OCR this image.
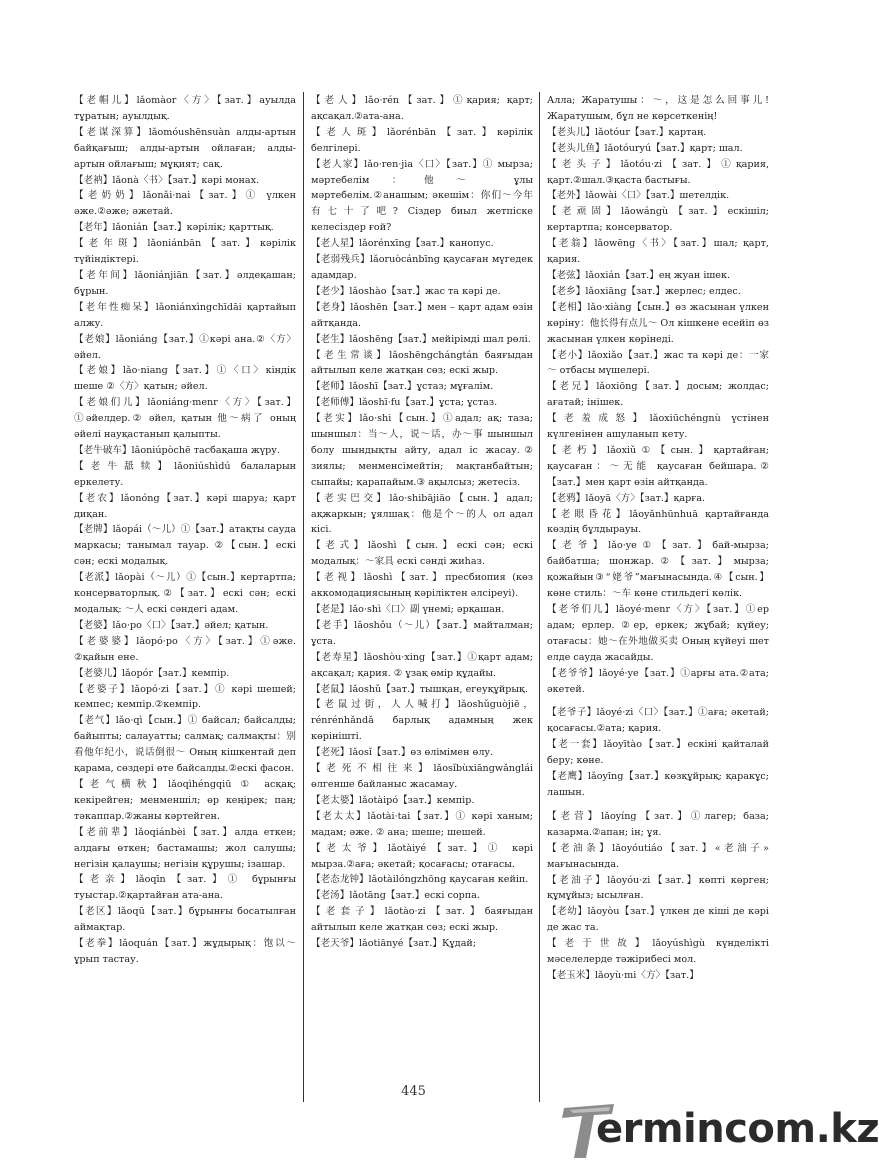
【老帽儿】lǎomàor〈方〉【зат.】ауылда тұратын; ауылдық.

【老谋深算】lǎomóushēnsuàn алды-артын байқағыш; алды-артын ойлаған; алды-артын ойлағыш; мұқият; сақ.

【老衲】lǎonà〈书〉【зат.】кәрі монах.

【老奶奶】lǎonǎi·nai【зат.】① үлкен әже.②әже; әжетай.

【老年】lǎonián【зат.】кәрілік; қарттық.

【老年斑】lǎoniánbān【зат.】кәрілік түйіндіктері.

【老年间】lǎoniánjiān【зат.】әлдеқашан; бұрын.

【老年性痴呆】lǎoniánxìngchīdāi қартайып алжу.

【老娘】lǎoniáng【зат.】①кәрі ана.②〈方〉әйел.

【老娘】lǎo·niang【зат.】①〈口〉кіндік шеше ②〈方〉қатын; әйел.

【老娘们儿】lǎoniáng·menr〈方〉【зат.】①әйелдер.② әйел, қатын 他～病了 оның әйелі науқастанып қалыпты.

【老牛破车】lǎoniúpòchē тасбақаша жүру.

【老牛舐犊】lǎoniúshìdú балаларын еркелету.

【老农】lǎonóng【зат.】кәрі шаруа; қарт диқан.

【老牌】lǎopái（～儿）①【зат.】атақты сауда маркасы; танымал тауар. ②【сын.】ескі сән; ескі модалық.

【老派】lǎopài（～儿）①【сын.】кертартпа; консерваторлық.②【зат.】ескі сән; ескі модалық: ～人 ескі сәндегі адам.

【老婆】lǎo·po〈口〉【зат.】әйел; қатын.

【老婆婆】lǎopó·po〈方〉【зат.】①әже. ②қайын ене.

【老婆儿】lǎopór【зат.】кемпір.

【老婆子】lǎopó·zi【зат.】① кәрі шешей; кемпес; кемпір.②кемпір.

【老气】lǎo·qì【сын.】① байсал; байсалды; байыпты; салауатты; салмақ; салмақты：别看他年纪小，说话倒很～ Оның кішкентай деп қарама, сөздері өте байсалды.②ескі фасон.

【老气横秋】lǎoqìhéngqiū ① асқақ; кекірейген; менменшіл; өр кеңірек; паң; тәкаппар.②жаны кәртейген.

【老前辈】lǎoqiánbèi【зат.】алда еткен; алдағы өткен; бастамашы; жол салушы; негізін қалаушы; негізін құрушы; ізашар.

【老亲】lǎoqīn【зат.】① бұрынғы туыстар.②қартайған ата-ана.

【老区】lǎoqū【зат.】бұрынғы босатылған аймақтар.

【老拳】lǎoquán【зат.】жұдырық：饱以～ ұрып тастау.

【老人】lǎo·rén【зат.】①қария; қарт; ақсақал.②ата-ана.

【老人斑】lǎorénbān【зат.】кәрілік белгілері.

【老人家】lǎo·ren·jia〈口〉【зат.】① мырза; мәртебелім：他～ ұлы мәртебелім.②анашым; әкешім：你们～今年有七十了吧? Сіздер биыл жетпіске келесіздер ғой?

【老人星】lǎorénxīng【зат.】канопус.

【老弱残兵】lǎoruòcánbīng қаусаған мүгедек адамдар.

【老少】lǎoshào【зат.】жас та кәрі де.

【老身】lǎoshēn【зат.】мен – қарт адам өзін айтқанда.

【老生】lǎoshēng【зат.】мейірімді шал рөлі.

【老生常谈】lǎoshēngchángtán баяғыдан айтылып келе жатқан сөз; ескі жыр.

【老师】lǎoshī【зат.】ұстаз; мұғалім.

【老师傅】lǎoshī·fu【зат.】ұста; ұстаз.

【老实】lǎo·shi【сын.】①адал; ақ; таза; шыншыл：当～人，说～话，办～事 шыншыл болу шындықты айту, адал іс жасау.② зиялы; менменсімейтін; мақтанбайтын; сыпайы; қарапайым.③ ақылсыз; жетесіз.

【老实巴交】lǎo·shibājiāo【сын.】адал; ақжаркын; ұялшақ：他是个～的人 ол адал кісі.

【老式】lǎoshì【сын.】ескі сән; ескі модалық：～家具 ескі сәнді жиһаз.

【老视】lǎoshì【зат.】пресбиопия (көз аккомодациясының кәріліктен әлсіреуі).

【老是】lǎo·shì〈口〉副 үнемі; әрқашан.

【老手】lǎoshǒu（～儿）【зат.】майталман; ұста.

【老寿星】lǎoshòu·xing【зат.】①қарт адам; ақсақал; қария. ② ұзақ өмір құдайы.

【老鼠】lǎoshǔ【зат.】тышқан, егеуқұйрық.

【老鼠过街，人人喊打】lǎoshǔguòjiē，rénrénhǎndǎ барлық адамның жек көрінішті.

【老死】lǎosǐ【зат.】өз өлімімен өлу.

【老死不相往来】lǎosǐbùxiāngwǎnglái өлгенше байланыс жасамау.

【老太婆】lǎotàipó【зат.】кемпір.

【老太太】lǎotài·tai【зат.】① кәрі ханым; мадам; әже. ② ана; шеше; шешей.

【老太爷】lǎotàiyé【зат.】① кәрі мырза.②аға; әкетай; қосағасы; отағасы.

【老态龙钟】lǎotàilóngzhōng қаусаған кейіп.

【老汤】lǎotāng【зат.】ескі сорпа.

【老套子】lǎotào·zi【зат.】баяғыдан айтылып келе жатқан сөз; ескі жыр.

【老天爷】lǎotiānyé【зат.】Құдай;

Алла; Жаратушы：～，这是怎么回事儿! Жаратушым, бұл не көрсеткенің!

【老头儿】lǎotóur【зат.】қартаң.

【老头儿鱼】lǎotóuryú【зат.】қарт; шал.

【老头子】lǎotóu·zi【зат.】①қария, қарт.②шал.③қаста бастығы.

【老外】lǎowài〈口〉【зат.】шетелдік.

【老顽固】lǎowángù【зат.】ескішіл; кертартпа; консерватор.

【老翁】lǎowēng〈书〉【зат.】шал; қарт, қария.

【老弦】lǎoxián【зат.】ең жуан ішек.

【老乡】lǎoxiāng【зат.】жерлес; елдес.

【老相】lǎo·xiàng【сын.】өз жасынан үлкен көріну：他长得有点儿～ Ол кішкене есейіп өз жасынан үлкен көрінеді.

【老小】lǎoxiǎo【зат.】жас та кәрі де：一家～ отбасы мүшелері.

【老兄】lǎoxiōng【зат.】досым; жолдас; ағатай; інішек.

【老羞成怒】lǎoxiūchéngnù үстінен күлгенінен ашуланып кету.

【老朽】lǎoxiǔ①【сын.】қартайған; қаусаған：～无能 қаусаған бейшара.②【зат.】мен қарт өзін айтқанда.

【老鸦】lǎoyā〈方〉【зат.】қарға.

【老眼昏花】lǎoyǎnhūnhuā қартайғанда көздің бұлдырауы.

【老爷】lǎo·ye①【зат.】бай-мырза; байбатша; шонжар.②【зат.】мырза; қожайын③“姥爷”мағынасында.④【сын.】көне стиль：～车 көне стильдегі көлік.

【老爷们儿】lǎoyé·menr〈方〉【зат.】①ер адам; ерлер. ②ер, еркек; жұбай; күйеу; отағасы：她～在外地做买卖 Оның күйеуі шет елде сауда жасайды.

【老爷爷】lǎoyé·ye【зат.】①арғы ата.②ата; әкетей.

【老爷子】lǎoyé·zi〈口〉【зат.】①аға; әкетай; қосағасы.②ата; қария.

【老一套】lǎoyītào【зат.】ескіні қайталай беру; көне.

【老鹰】lǎoyīng【зат.】көзқұйрық; қаракұс; лашын.

【老营】lǎoyíng【зат.】①лагер; база; казарма.②апан; ін; ұя.

【老油条】lǎoyóutiáo【зат.】«老油子» мағынасында.

【老油子】lǎoyóu·zi【зат.】көпті көрген; құмұйыз; ысылған.

【老幼】lǎoyòu【зат.】үлкен де кіші де кәрі де жас та.

【老于世故】lǎoyúshìgù күнделікті мәселелерде тәжірибесі мол.

【老玉米】lǎoyù·mi〈方〉【зат.】

445
ermincom.kz
